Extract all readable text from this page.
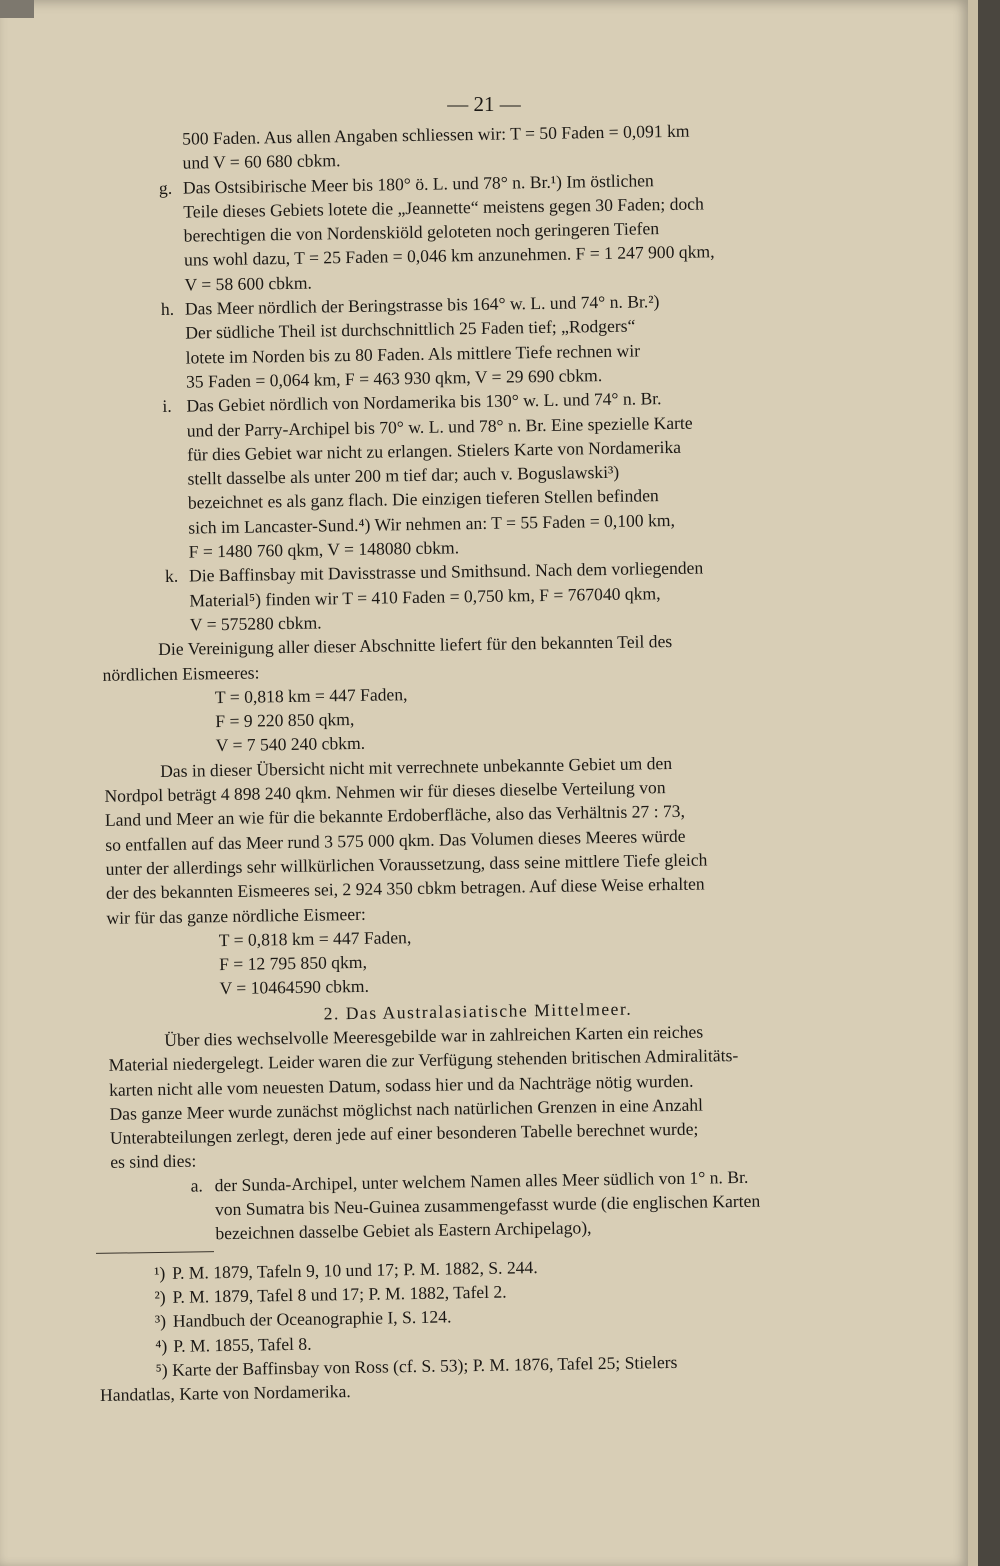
— 21 —

500 Faden. Aus allen Angaben schliessen wir: T = 50 Faden = 0,091 km

und V = 60 680 cbkm.

g. Das Ostsibirische Meer bis 180° ö. L. und 78° n. Br.¹) Im östlichen

Teile dieses Gebiets lotete die „Jeannette“ meistens gegen 30 Faden; doch

berechtigen die von Nordenskiöld geloteten noch geringeren Tiefen

uns wohl dazu, T = 25 Faden = 0,046 km anzunehmen. F = 1 247 900 qkm,

V = 58 600 cbkm.

h. Das Meer nördlich der Beringstrasse bis 164° w. L. und 74° n. Br.²)

Der südliche Theil ist durchschnittlich 25 Faden tief; „Rodgers“

lotete im Norden bis zu 80 Faden. Als mittlere Tiefe rechnen wir

35 Faden = 0,064 km, F = 463 930 qkm, V = 29 690 cbkm.

i. Das Gebiet nördlich von Nordamerika bis 130° w. L. und 74° n. Br.

und der Parry-Archipel bis 70° w. L. und 78° n. Br. Eine spezielle Karte

für dies Gebiet war nicht zu erlangen. Stielers Karte von Nordamerika

stellt dasselbe als unter 200 m tief dar; auch v. Boguslawski³)

bezeichnet es als ganz flach. Die einzigen tieferen Stellen befinden

sich im Lancaster-Sund.⁴) Wir nehmen an: T = 55 Faden = 0,100 km,

F = 1480 760 qkm, V = 148080 cbkm.

k. Die Baffinsbay mit Davisstrasse und Smithsund. Nach dem vorliegenden

Material⁵) finden wir T = 410 Faden = 0,750 km, F = 767040 qkm,

V = 575280 cbkm.

Die Vereinigung aller dieser Abschnitte liefert für den bekannten Teil des

nördlichen Eismeeres:

T = 0,818 km = 447 Faden,

F = 9 220 850 qkm,

V = 7 540 240 cbkm.

Das in dieser Übersicht nicht mit verrechnete unbekannte Gebiet um den

Nordpol beträgt 4 898 240 qkm. Nehmen wir für dieses dieselbe Verteilung von

Land und Meer an wie für die bekannte Erdoberfläche, also das Verhältnis 27 : 73,

so entfallen auf das Meer rund 3 575 000 qkm. Das Volumen dieses Meeres würde

unter der allerdings sehr willkürlichen Voraussetzung, dass seine mittlere Tiefe gleich

der des bekannten Eismeeres sei, 2 924 350 cbkm betragen. Auf diese Weise erhalten

wir für das ganze nördliche Eismeer:

T = 0,818 km = 447 Faden,

F = 12 795 850 qkm,

V = 10464590 cbkm.

2. Das Australasiatische Mittelmeer.

Über dies wechselvolle Meeresgebilde war in zahlreichen Karten ein reiches

Material niedergelegt. Leider waren die zur Verfügung stehenden britischen Admiralitäts-

karten nicht alle vom neuesten Datum, sodass hier und da Nachträge nötig wurden.

Das ganze Meer wurde zunächst möglichst nach natürlichen Grenzen in eine Anzahl

Unterabteilungen zerlegt, deren jede auf einer besonderen Tabelle berechnet wurde;

es sind dies:

a. der Sunda-Archipel, unter welchem Namen alles Meer südlich von 1° n. Br.

von Sumatra bis Neu-Guinea zusammengefasst wurde (die englischen Karten

bezeichnen dasselbe Gebiet als Eastern Archipelago),

¹) P. M. 1879, Tafeln 9, 10 und 17; P. M. 1882, S. 244.

²) P. M. 1879, Tafel 8 und 17; P. M. 1882, Tafel 2.

³) Handbuch der Oceanographie I, S. 124.

⁴) P. M. 1855, Tafel 8.

⁵) Karte der Baffinsbay von Ross (cf. S. 53); P. M. 1876, Tafel 25; Stielers

Handatlas, Karte von Nordamerika.
